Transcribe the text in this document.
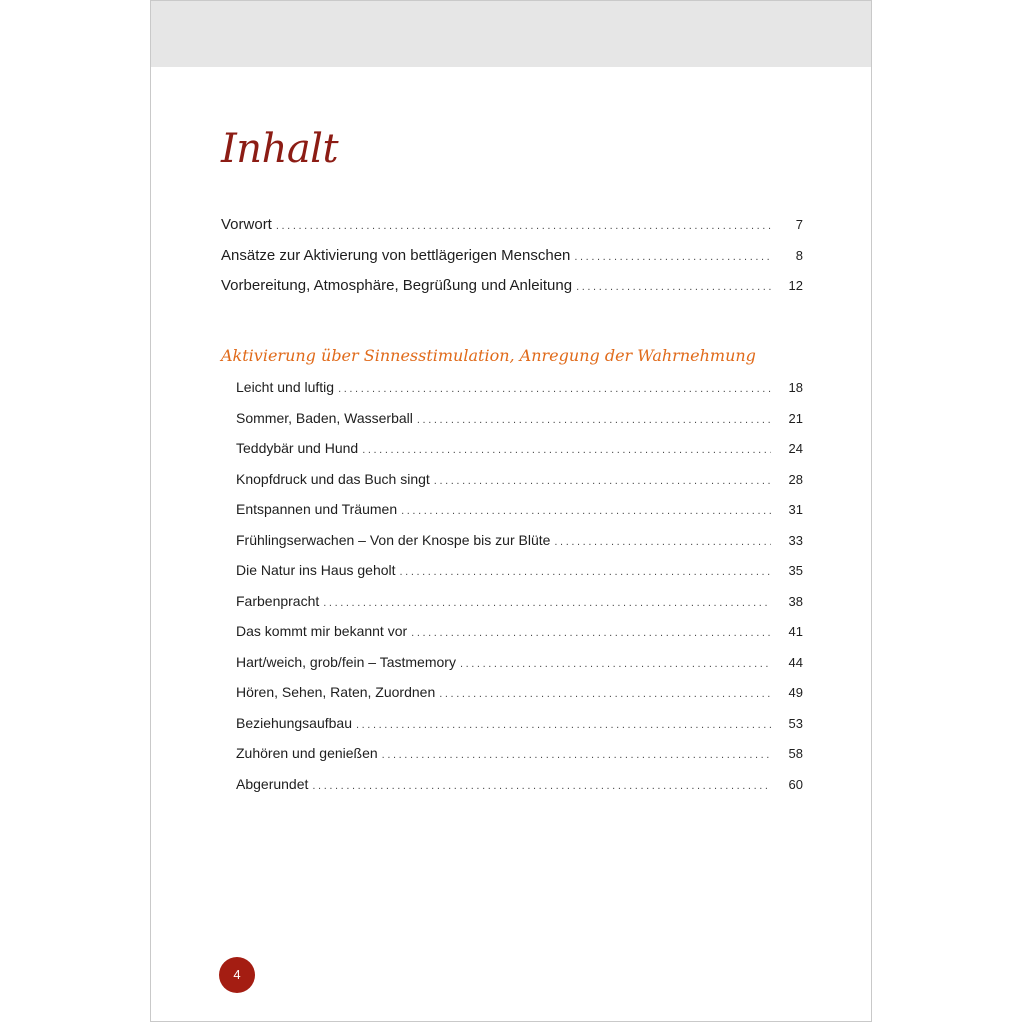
Inhalt
Vorwort .....	7
Ansätze zur Aktivierung von bettlägerigen Menschen .....	8
Vorbereitung, Atmosphäre, Begrüßung und Anleitung .....	12
Aktivierung über Sinnesstimulation, Anregung der Wahrnehmung
Leicht und luftig .....	18
Sommer, Baden, Wasserball .....	21
Teddybär und Hund .....	24
Knopfdruck und das Buch singt .....	28
Entspannen und Träumen .....	31
Frühlingserwachen – Von der Knospe bis zur Blüte .....	33
Die Natur ins Haus geholt .....	35
Farbenpracht .....	38
Das kommt mir bekannt vor .....	41
Hart/weich, grob/fein – Tastmemory .....	44
Hören, Sehen, Raten, Zuordnen .....	49
Beziehungsaufbau .....	53
Zuhören und genießen .....	58
Abgerundet .....	60
4
